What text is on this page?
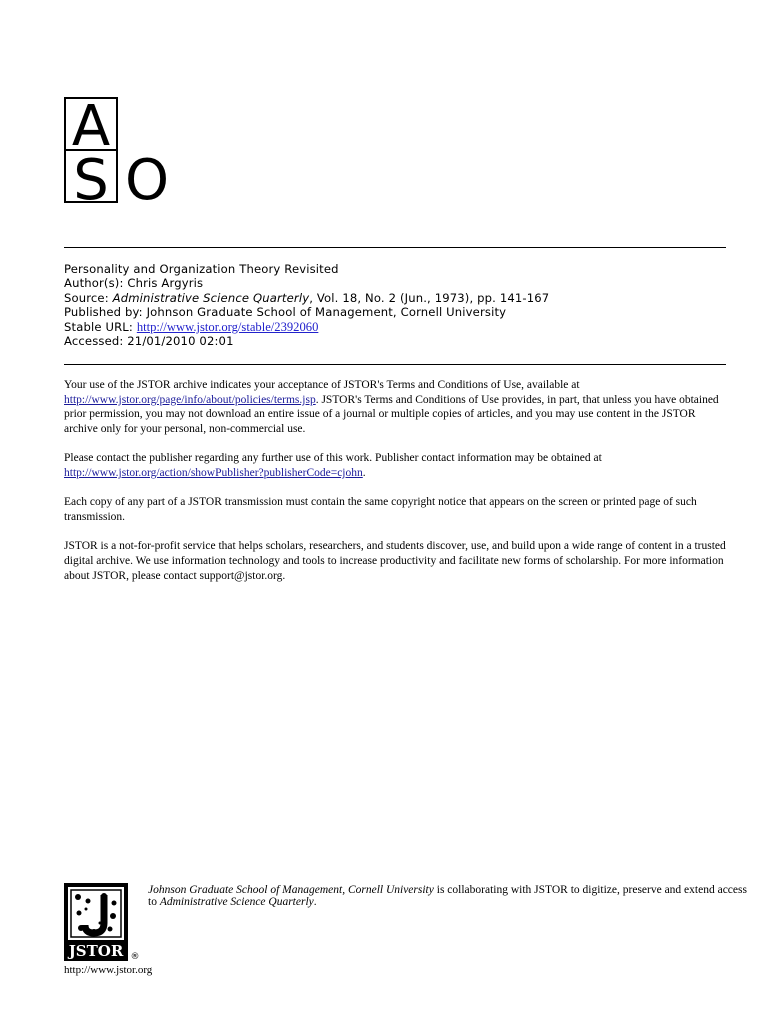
A
S O
Personality and Organization Theory Revisited
Author(s): Chris Argyris
Source: Administrative Science Quarterly, Vol. 18, No. 2 (Jun., 1973), pp. 141-167
Published by: Johnson Graduate School of Management, Cornell University
Stable URL: http://www.jstor.org/stable/2392060
Accessed: 21/01/2010 02:01

Your use of the JSTOR archive indicates your acceptance of JSTOR's Terms and Conditions of Use, available at
http://www.jstor.org/page/info/about/policies/terms.jsp. JSTOR's Terms and Conditions of Use provides, in part, that unless you have obtained prior permission, you may not download an entire issue of a journal or multiple copies of articles, and you may use content in the JSTOR archive only for your personal, non-commercial use.

Please contact the publisher regarding any further use of this work. Publisher contact information may be obtained at
http://www.jstor.org/action/showPublisher?publisherCode=cjohn.

Each copy of any part of a JSTOR transmission must contain the same copyright notice that appears on the screen or printed page of such transmission.

JSTOR is a not-for-profit service that helps scholars, researchers, and students discover, use, and build upon a wide range of content in a trusted digital archive. We use information technology and tools to increase productivity and facilitate new forms of scholarship. For more information about JSTOR, please contact support@jstor.org.

JSTOR ®
Johnson Graduate School of Management, Cornell University is collaborating with JSTOR to digitize, preserve and extend access to Administrative Science Quarterly.
http://www.jstor.org
